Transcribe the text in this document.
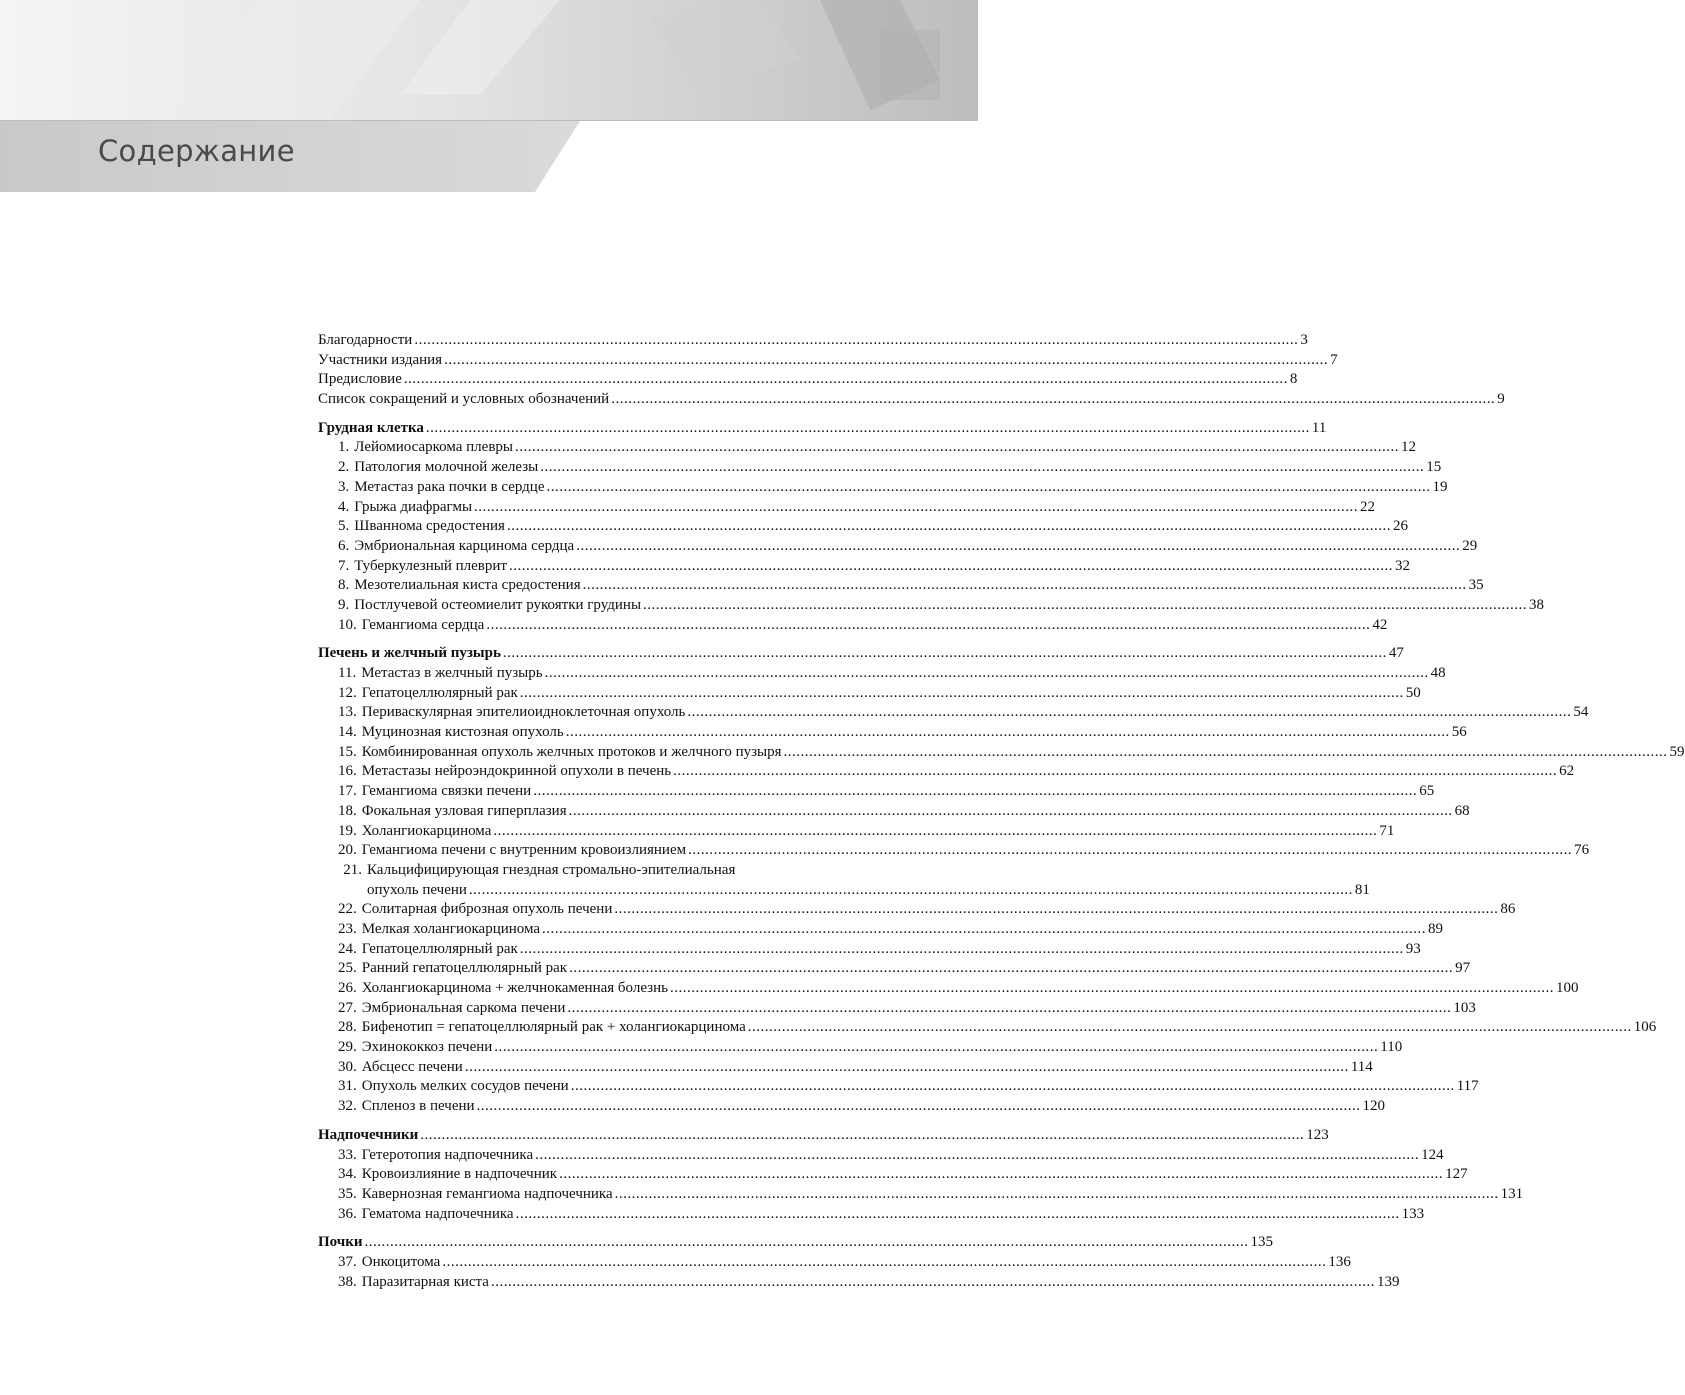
Содержание
Благодарности .....	3
Участники издания .....	7
Предисловие .....	8
Список сокращений и условных обозначений .....	9
Грудная клетка .....	11
1. Лейомиосаркома плевры .....	12
2. Патология молочной железы .....	15
3. Метастаз рака почки в сердце .....	19
4. Грыжа диафрагмы .....	22
5. Шваннома средостения .....	26
6. Эмбриональная карцинома сердца .....	29
7. Туберкулезный плеврит .....	32
8. Мезотелиальная киста средостения .....	35
9. Постлучевой остеомиелит рукоятки грудины .....	38
10. Гемангиома сердца .....	42
Печень и желчный пузырь .....	47
11. Метастаз в желчный пузырь .....	48
12. Гепатоцеллюлярный рак .....	50
13. Периваскулярная эпителиоидноклеточная опухоль .....	54
14. Муцинозная кистозная опухоль .....	56
15. Комбинированная опухоль желчных протоков и желчного пузыря .....	59
16. Метастазы нейроэндокринной опухоли в печень .....	62
17. Гемангиома связки печени .....	65
18. Фокальная узловая гиперплазия .....	68
19. Холангиокарцинома .....	71
20. Гемангиома печени с внутренним кровоизлиянием .....	76
21. Кальцифицирующая гнездная стромально-эпителиальная
опухоль печени .....	81
22. Солитарная фиброзная опухоль печени .....	86
23. Мелкая холангиокарцинома .....	89
24. Гепатоцеллюлярный рак .....	93
25. Ранний гепатоцеллюлярный рак .....	97
26. Холангиокарцинома + желчнокаменная болезнь .....	100
27. Эмбриональная саркома печени .....	103
28. Бифенотип = гепатоцеллюлярный рак + холангиокарцинома .....	106
29. Эхинококкоз печени .....	110
30. Абсцесс печени .....	114
31. Опухоль мелких сосудов печени .....	117
32. Спленоз в печени .....	120
Надпочечники .....	123
33. Гетеротопия надпочечника .....	124
34. Кровоизлияние в надпочечник .....	127
35. Кавернозная гемангиома надпочечника .....	131
36. Гематома надпочечника .....	133
Почки .....	135
37. Онкоцитома .....	136
38. Паразитарная киста .....	139
